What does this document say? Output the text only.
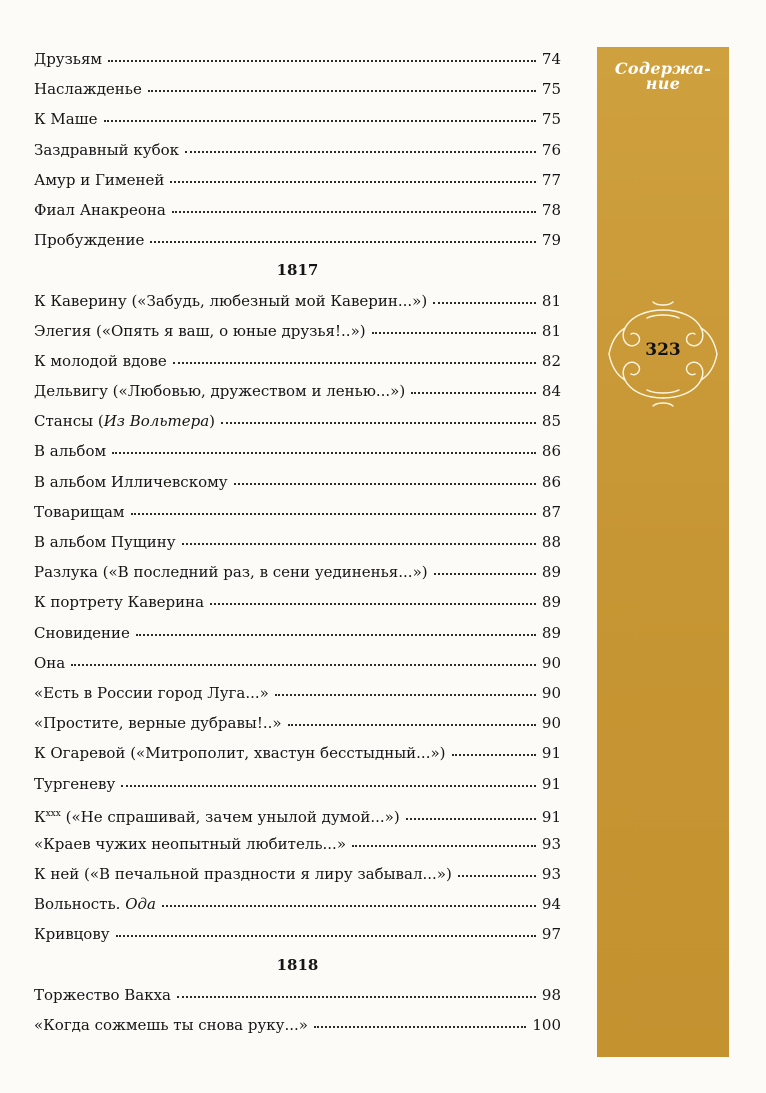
Друзьям	74
Наслажденье	75
К Маше	75
Заздравный кубок	76
Амур и Гименей	77
Фиал Анакреона	78
Пробуждение	79
1817
К Каверину («Забудь, любезный мой Каверин...»)	81
Элегия («Опять я ваш, о юные друзья!..»)	81
К молодой вдове	82
Дельвигу («Любовью, дружеством и ленью...»)	84
Стансы (Из Вольтера)	85
В альбом	86
В альбом Илличевскому	86
Товарищам	87
В альбом Пущину	88
Разлука («В последний раз, в сени уединенья...»)	89
К портрету Каверина	89
Сновидение	89
Она	90
«Есть в России город Луга...»	90
«Простите, верные дубравы!..»	90
К Огаревой («Митрополит, хвастун бесстыдный...»)	91
Тургеневу	91
$К^{xxx}$ («Не спрашивай, зачем унылой думой...»)	91
«Краев чужих неопытный любитель...»	93
К ней («В печальной праздности я лиру забывал...»)	93
Вольность. Ода	94
Кривцову	97
1818
Торжество Вакха	98
«Когда сожмешь ты снова руку...»	100
Содержа-
ние
323
